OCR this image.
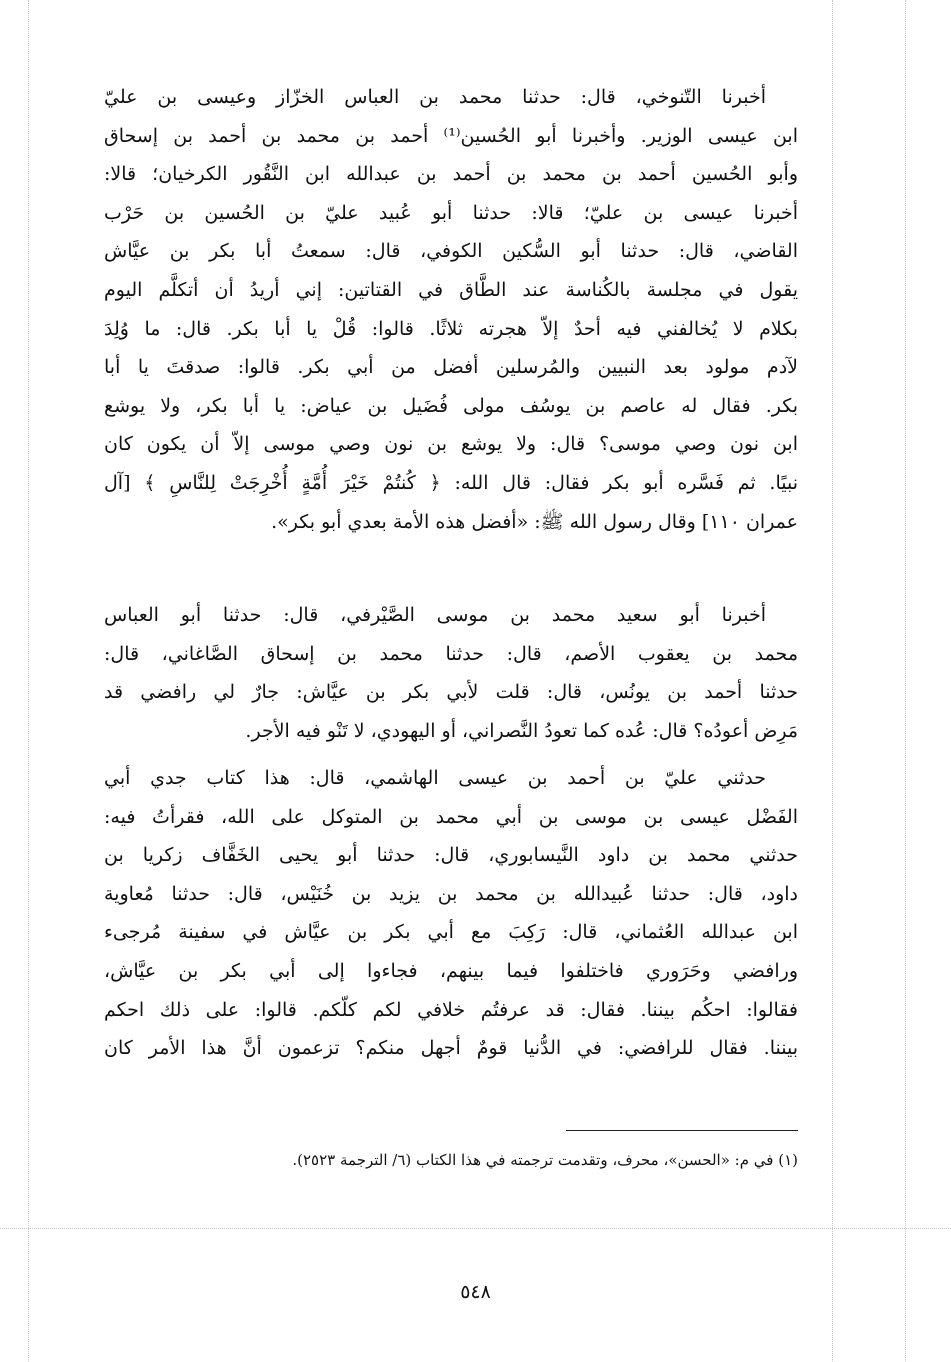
أخبرنا التّنوخي، قال: حدثنا محمد بن العباس الخزّاز وعيسى بن عليّ
ابن عيسى الوزير. وأخبرنا أبو الحُسين⁽¹⁾ أحمد بن محمد بن أحمد بن إسحاق
وأبو الحُسين أحمد بن محمد بن أحمد بن عبدالله ابن النَّقُور الكرخيان؛ قالا:
أخبرنا عيسى بن عليّ؛ قالا: حدثنا أبو عُبيد عليّ بن الحُسين بن حَرْب
القاضي، قال: حدثنا أبو السُّكين الكوفي، قال: سمعتُ أبا بكر بن عيَّاش
يقول في مجلسة بالكُناسة عند الطَّاق في القتاتين: إني أريدُ أن أتكلَّم اليوم
بكلام لا يُخالفني فيه أحدٌ إلاّ هجرته ثلاثًا. قالوا: قُلْ يا أبا بكر. قال: ما وُلِدَ
لآدم مولود بعد النبيين والمُرسلين أفضل من أبي بكر. قالوا: صدقتَ يا أبا
بكر. فقال له عاصم بن يوسُف مولى فُضَيل بن عياض: يا أبا بكر، ولا يوشع
ابن نون وصي موسى؟ قال: ولا يوشع بن نون وصي موسى إلاّ أن يكون كان
نبيًا. ثم فَسَّره أبو بكر فقال: قال الله: ﴿ كُنتُمْ خَيْرَ أُمَّةٍ أُخْرِجَتْ لِلنَّاسِ ﴾ [آل
عمران ١١٠] وقال رسول الله ﷺ: «أفضل هذه الأمة بعدي أبو بكر».
أخبرنا أبو سعيد محمد بن موسى الصَّيْرفي، قال: حدثنا أبو العباس
محمد بن يعقوب الأصم، قال: حدثنا محمد بن إسحاق الصَّاغاني، قال:
حدثنا أحمد بن يونُس، قال: قلت لأبي بكر بن عيَّاش: جارٌ لي رافضي قد
مَرِض أعودُه؟ قال: عُده كما تعودُ النَّصراني، أو اليهودي، لا تَنْو فيه الأجر.
حدثني عليّ بن أحمد بن عيسى الهاشمي، قال: هذا كتاب جدي أبي
الفَضْل عيسى بن موسى بن أبي محمد بن المتوكل على الله، فقرأتُ فيه:
حدثني محمد بن داود النَّيسابوري، قال: حدثنا أبو يحيى الخَفَّاف زكريا بن
داود، قال: حدثنا عُبيدالله بن محمد بن يزيد بن خُنَيْس، قال: حدثنا مُعاوية
ابن عبدالله العُثماني، قال: رَكِبَ مع أبي بكر بن عيَّاش في سفينة مُرجىء
ورافضي وحَرَوري فاختلفوا فيما بينهم، فجاءوا إلى أبي بكر بن عيَّاش،
فقالوا: احكُم بيننا. فقال: قد عرفتُم خلافي لكم كلّكم. قالوا: على ذلك احكم
بيننا. فقال للرافضي: في الدُّنيا قومٌ أجهل منكم؟ تزعمون أنَّ هذا الأمر كان
(١) في م: «الحسن»، محرف، وتقدمت ترجمته في هذا الكتاب (٦/ الترجمة ٢٥٢٣).
٥٤٨
